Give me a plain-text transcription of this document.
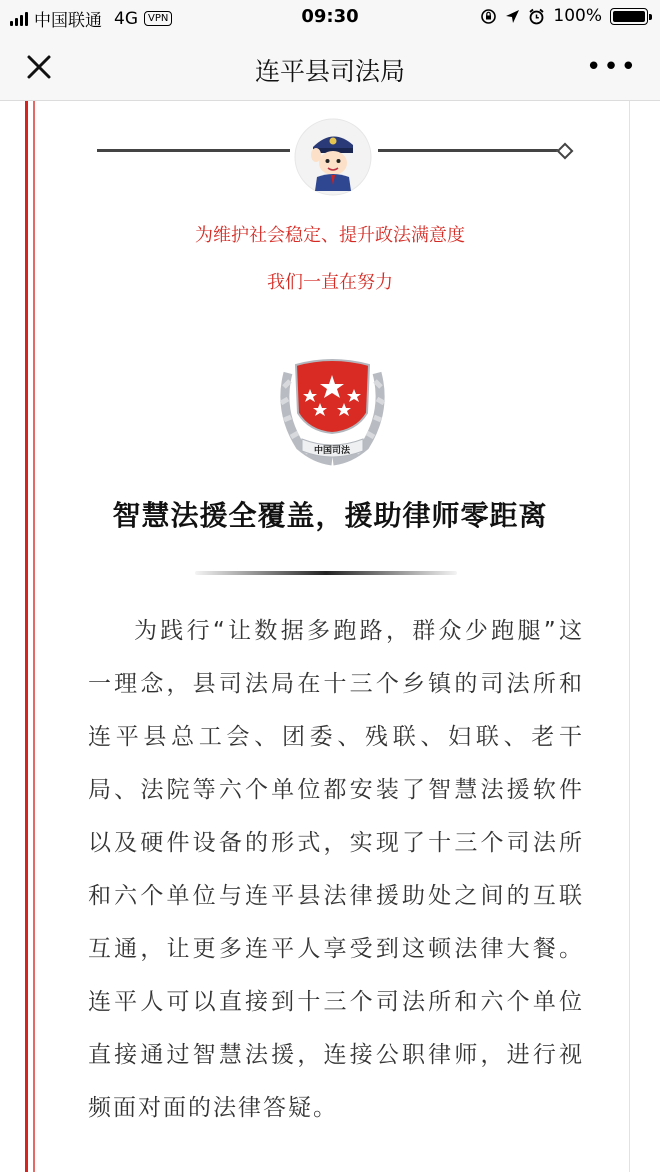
中国联通 4G	VPN	09:30	100%
连平县司法局	•••
为维护社会稳定、提升政法满意度
我们一直在努力
中国司法
智慧法援全覆盖，援助律师零距离

为践行“让数据多跑路，群众少跑腿”这一理念，县司法局在十三个乡镇的司法所和连平县总工会、团委、残联、妇联、老干局、法院等六个单位都安装了智慧法援软件以及硬件设备的形式，实现了十三个司法所和六个单位与连平县法律援助处之间的互联互通，让更多连平人享受到这顿法律大餐。连平人可以直接到十三个司法所和六个单位直接通过智慧法援，连接公职律师，进行视频面对面的法律答疑。
